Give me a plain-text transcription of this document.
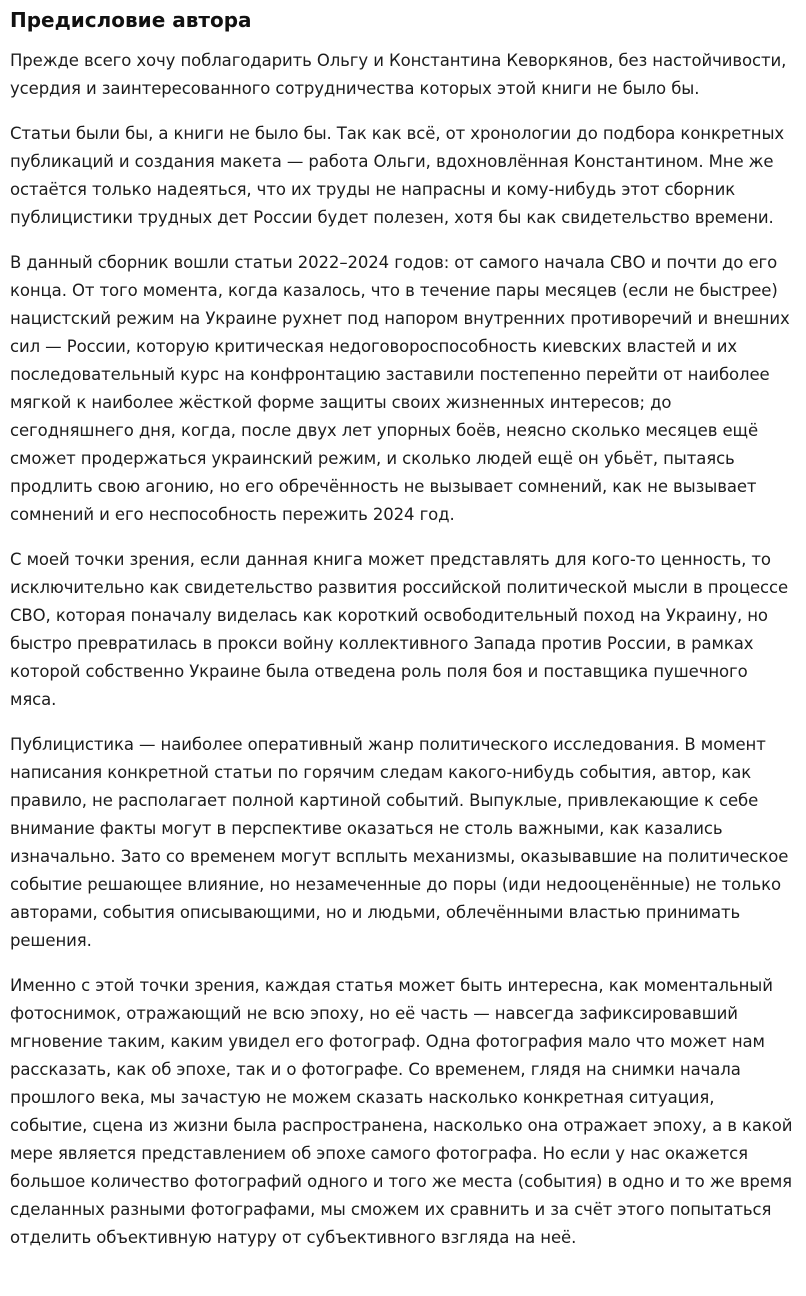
Предисловие автора

Прежде всего хочу поблагодарить Ольгу и Константина Кеворкянов, без настойчивости, усердия и заинтересованного сотрудничества которых этой книги не было бы.

Статьи были бы, а книги не было бы. Так как всё, от хронологии до подбора конкретных публикаций и создания макета — работа Ольги, вдохновлённая Константином. Мне же остаётся только надеяться, что их труды не напрасны и кому-нибудь этот сборник публицистики трудных дет России будет полезен, хотя бы как свидетельство времени.

В данный сборник вошли статьи 2022–2024 годов: от самого начала СВО и почти до его конца. От того момента, когда казалось, что в течение пары месяцев (если не быстрее) нацистский режим на Украине рухнет под напором внутренних противоречий и внешних сил — России, которую критическая недоговороспособность киевских властей и их последовательный курс на конфронтацию заставили постепенно перейти от наиболее мягкой к наиболее жёсткой форме защиты своих жизненных интересов; до сегодняшнего дня, когда, после двух лет упорных боёв, неясно сколько месяцев ещё сможет продержаться украинский режим, и сколько людей ещё он убьёт, пытаясь продлить свою агонию, но его обречённость не вызывает сомнений, как не вызывает сомнений и его неспособность пережить 2024 год.

С моей точки зрения, если данная книга может представлять для кого-то ценность, то исключительно как свидетельство развития российской политической мысли в процессе СВО, которая поначалу виделась как короткий освободительный поход на Украину, но быстро превратилась в прокси войну коллективного Запада против России, в рамках которой собственно Украине была отведена роль поля боя и поставщика пушечного мяса.

Публицистика — наиболее оперативный жанр политического исследования. В момент написания конкретной статьи по горячим следам какого-нибудь события, автор, как правило, не располагает полной картиной событий. Выпуклые, привлекающие к себе внимание факты могут в перспективе оказаться не столь важными, как казались изначально. Зато со временем могут всплыть механизмы, оказывавшие на политическое событие решающее влияние, но незамеченные до поры (иди недооценённые) не только авторами, события описывающими, но и людьми, облечёнными властью принимать решения.

Именно с этой точки зрения, каждая статья может быть интересна, как моментальный фотоснимок, отражающий не всю эпоху, но её часть — навсегда зафиксировавший мгновение таким, каким увидел его фотограф. Одна фотография мало что может нам рассказать, как об эпохе, так и о фотографе. Со временем, глядя на снимки начала прошлого века, мы зачастую не можем сказать насколько конкретная ситуация, событие, сцена из жизни была распространена, насколько она отражает эпоху, а в какой мере является представлением об эпохе самого фотографа. Но если у нас окажется большое количество фотографий одного и того же места (события) в одно и то же время сделанных разными фотографами, мы сможем их сравнить и за счёт этого попытаться отделить объективную натуру от субъективного взгляда на неё.
